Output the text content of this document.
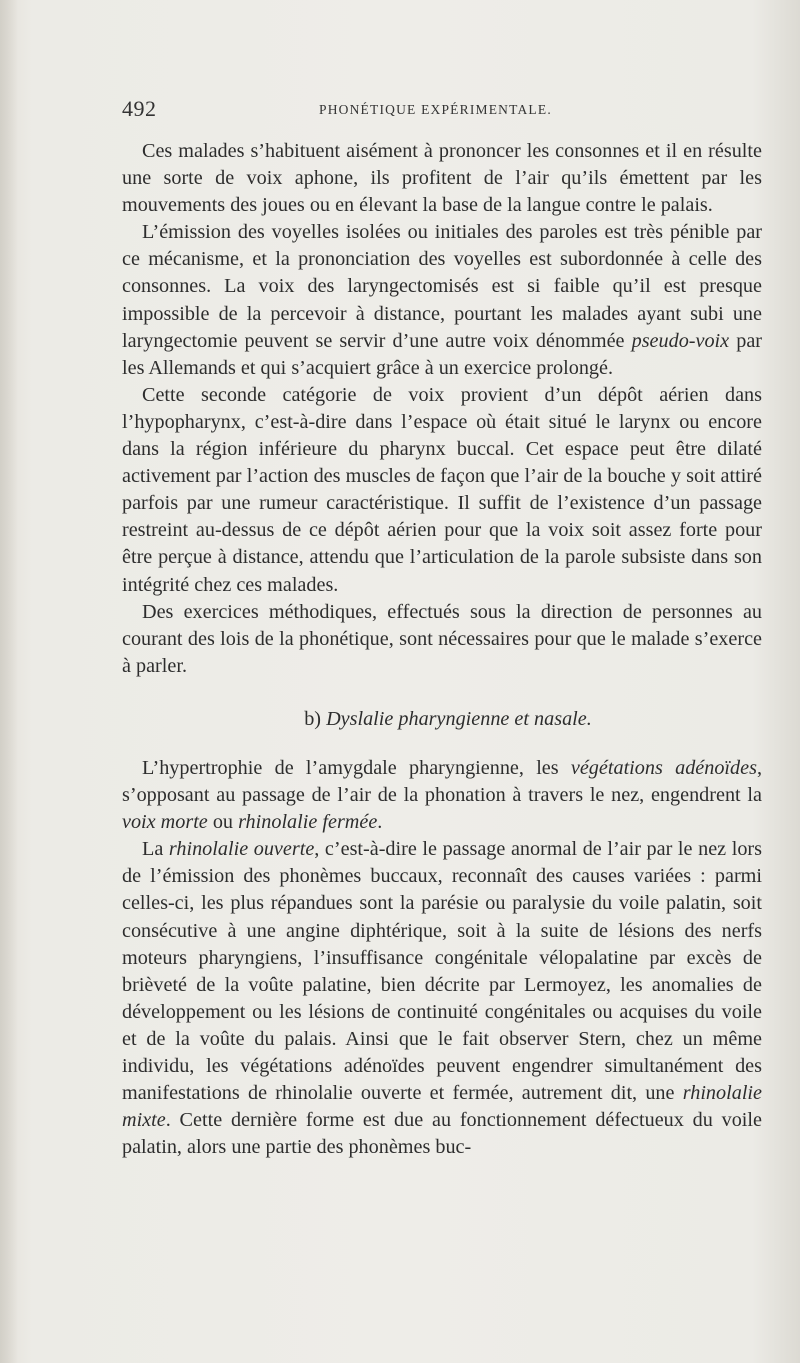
492	PHONÉTIQUE EXPÉRIMENTALE.

Ces malades s’habituent aisément à prononcer les consonnes et il en résulte une sorte de voix aphone, ils profitent de l’air qu’ils émettent par les mouvements des joues ou en élevant la base de la langue contre le palais.

L’émission des voyelles isolées ou initiales des paroles est très pénible par ce mécanisme, et la prononciation des voyelles est subordonnée à celle des consonnes. La voix des laryngectomisés est si faible qu’il est presque impossible de la percevoir à distance, pourtant les malades ayant subi une laryngectomie peuvent se servir d’une autre voix dénommée pseudo-voix par les Allemands et qui s’acquiert grâce à un exercice prolongé.

Cette seconde catégorie de voix provient d’un dépôt aérien dans l’hypopharynx, c’est-à-dire dans l’espace où était situé le larynx ou encore dans la région inférieure du pharynx buccal. Cet espace peut être dilaté activement par l’action des muscles de façon que l’air de la bouche y soit attiré parfois par une rumeur caractéristique. Il suffit de l’existence d’un passage restreint au-dessus de ce dépôt aérien pour que la voix soit assez forte pour être perçue à distance, attendu que l’articulation de la parole subsiste dans son intégrité chez ces malades.

Des exercices méthodiques, effectués sous la direction de personnes au courant des lois de la phonétique, sont nécessaires pour que le malade s’exerce à parler.

b) Dyslalie pharyngienne et nasale.

L’hypertrophie de l’amygdale pharyngienne, les végétations adénoïdes, s’opposant au passage de l’air de la phonation à travers le nez, engendrent la voix morte ou rhinolalie fermée.

La rhinolalie ouverte, c’est-à-dire le passage anormal de l’air par le nez lors de l’émission des phonèmes buccaux, reconnaît des causes variées : parmi celles-ci, les plus répandues sont la parésie ou paralysie du voile palatin, soit consécutive à une angine diphtérique, soit à la suite de lésions des nerfs moteurs pharyngiens, l’insuffisance congénitale vélopalatine par excès de brièveté de la voûte palatine, bien décrite par Lermoyez, les anomalies de développement ou les lésions de continuité congénitales ou acquises du voile et de la voûte du palais. Ainsi que le fait observer Stern, chez un même individu, les végétations adénoïdes peuvent engendrer simultanément des manifestations de rhinolalie ouverte et fermée, autrement dit, une rhinolalie mixte. Cette dernière forme est due au fonctionnement défectueux du voile palatin, alors une partie des phonèmes buc-
